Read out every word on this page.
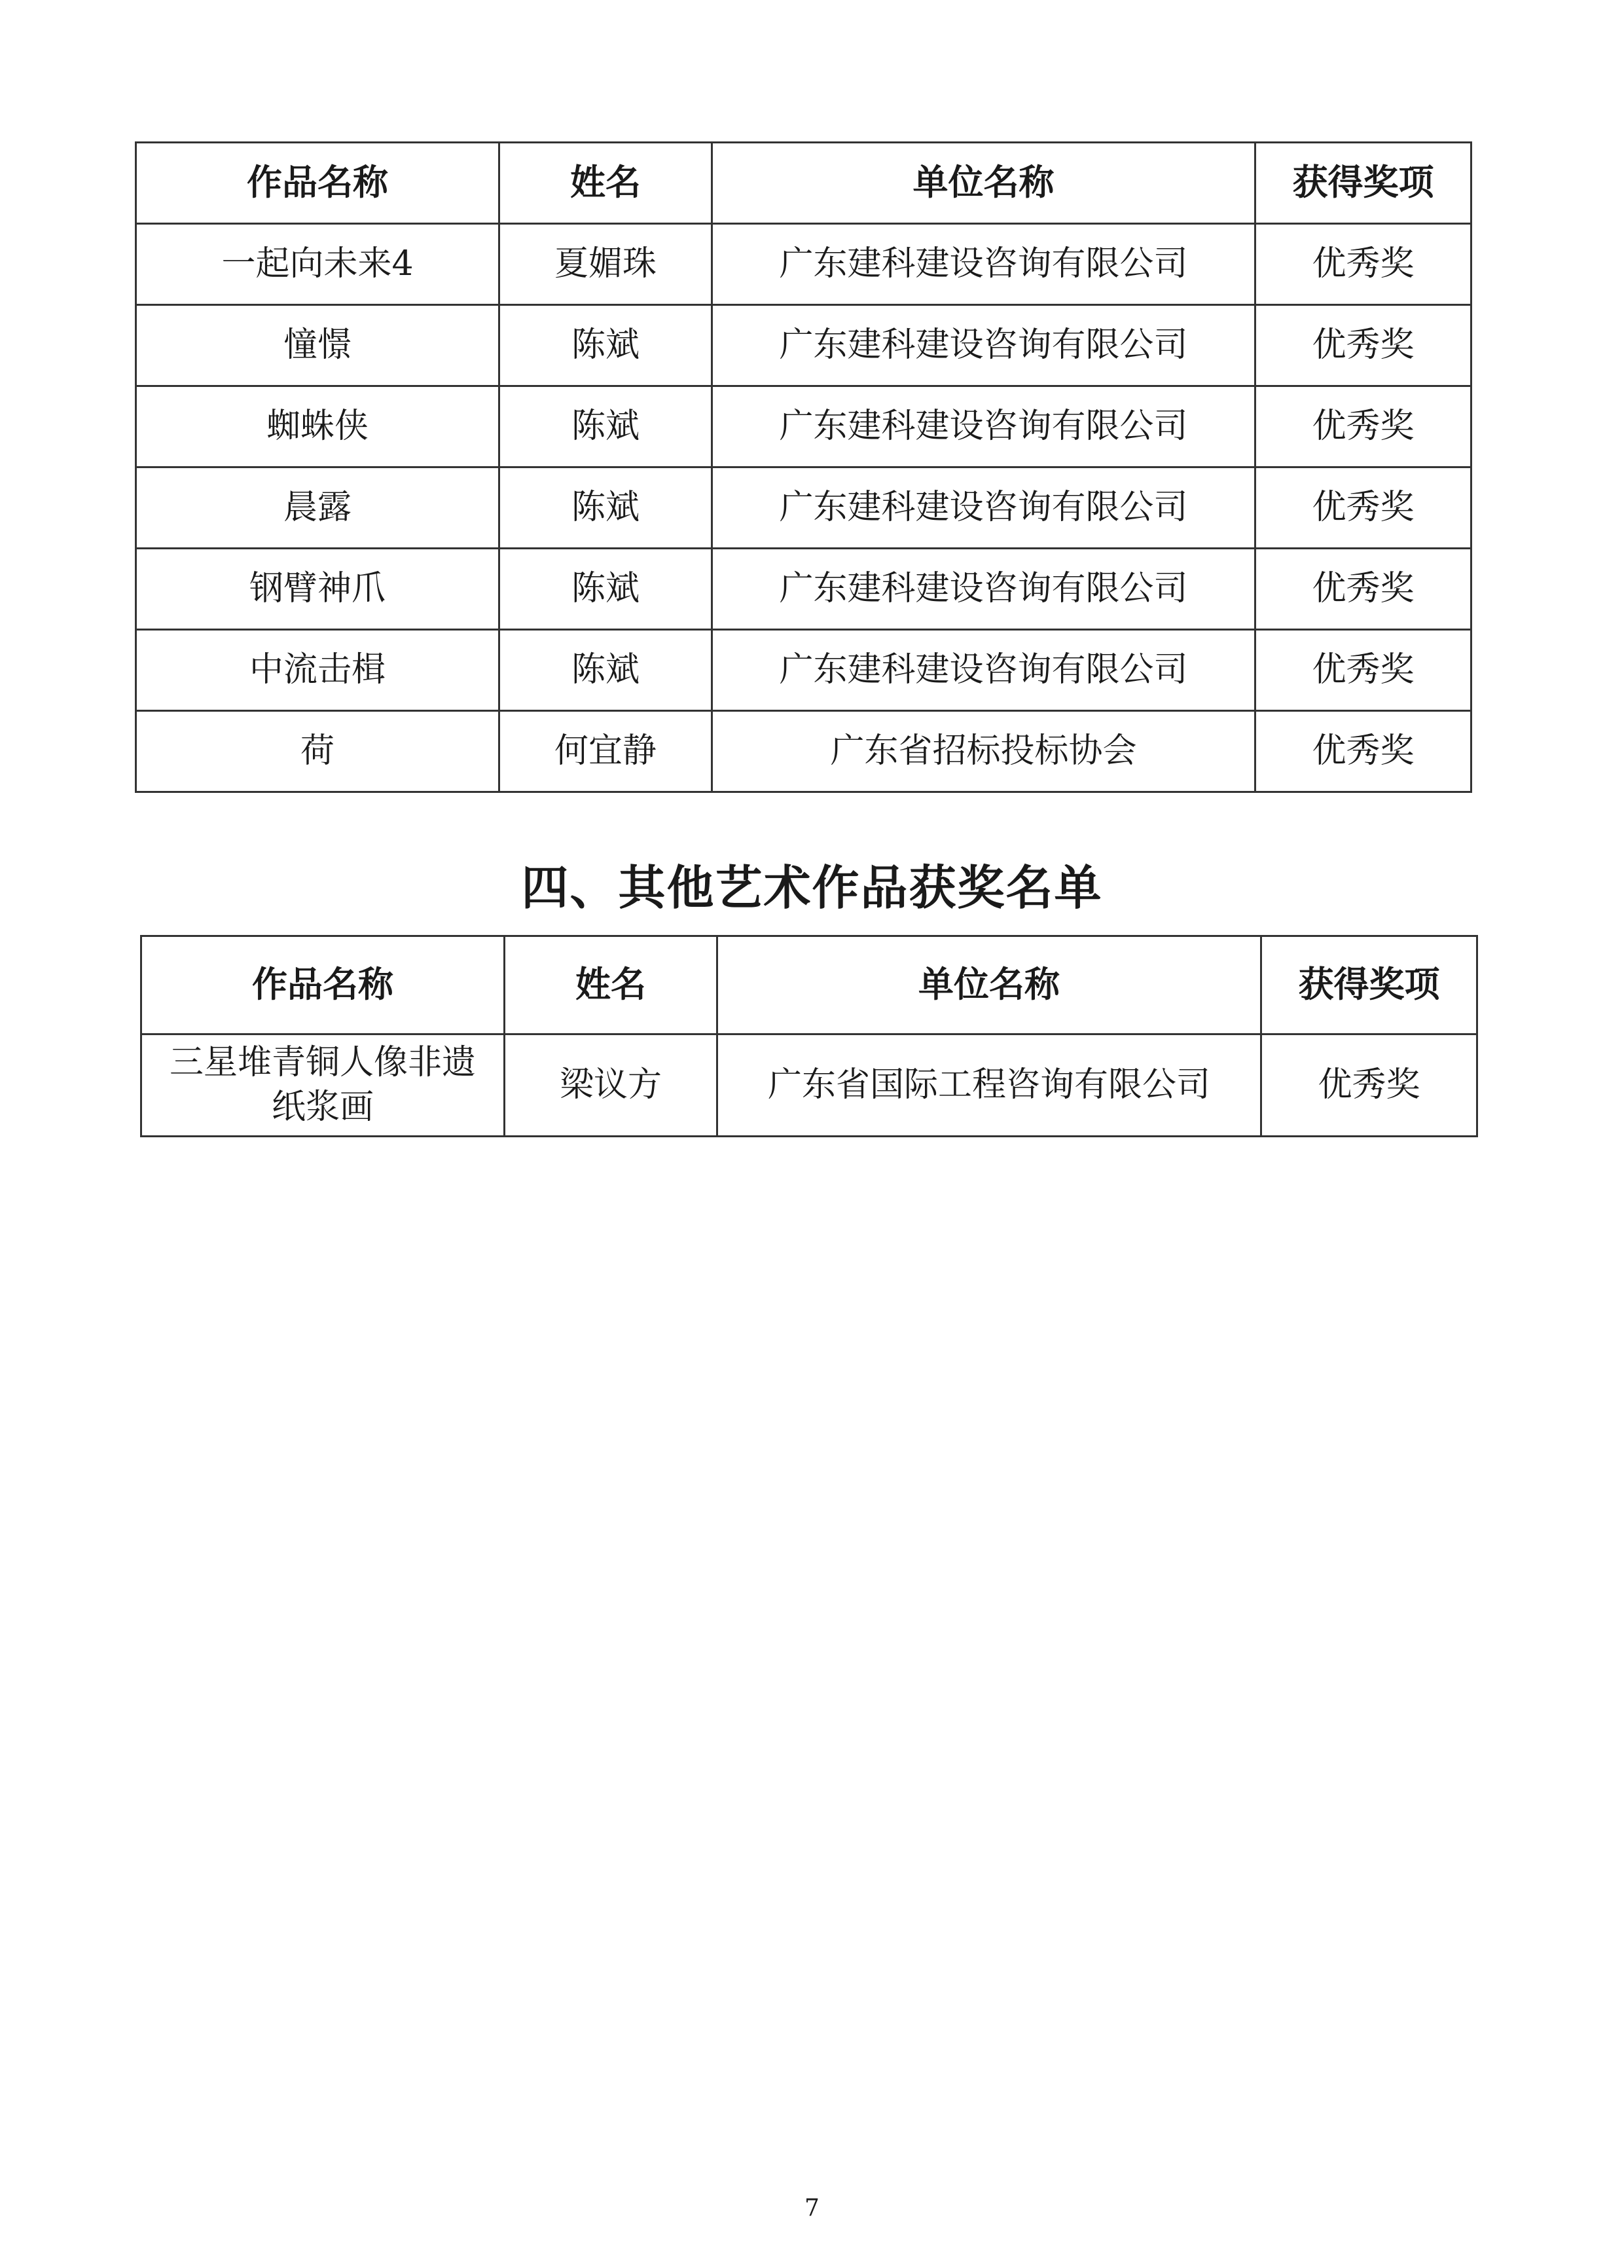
作品名称	姓名	单位名称	获得奖项
一起向未来4	夏媚珠	广东建科建设咨询有限公司	优秀奖
憧憬	陈斌	广东建科建设咨询有限公司	优秀奖
蜘蛛侠	陈斌	广东建科建设咨询有限公司	优秀奖
晨露	陈斌	广东建科建设咨询有限公司	优秀奖
钢臂神爪	陈斌	广东建科建设咨询有限公司	优秀奖
中流击楫	陈斌	广东建科建设咨询有限公司	优秀奖
荷	何宜静	广东省招标投标协会	优秀奖
四、其他艺术作品获奖名单
作品名称	姓名	单位名称	获得奖项

三星堆青铜人像非遗纸浆画	梁议方	广东省国际工程咨询有限公司	优秀奖
7
